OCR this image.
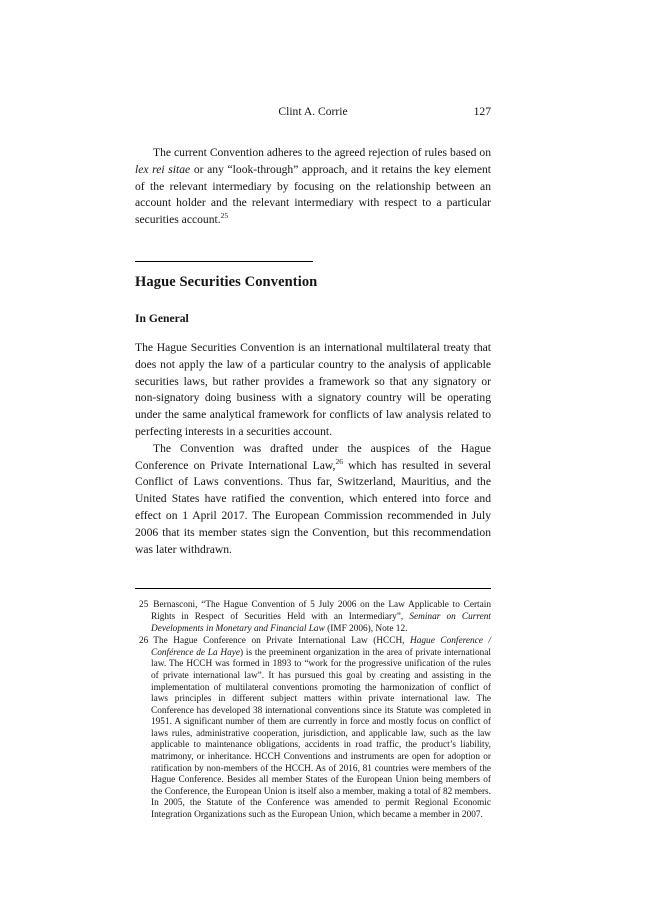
Clint A. Corrie	127

The current Convention adheres to the agreed rejection of rules based on lex rei sitae or any “look-through” approach, and it retains the key element of the relevant intermediary by focusing on the relationship between an account holder and the relevant intermediary with respect to a particular securities account.$^{25}$

Hague Securities Convention
In General

The Hague Securities Convention is an international multilateral treaty that does not apply the law of a particular country to the analysis of applicable securities laws, but rather provides a framework so that any signatory or non-signatory doing business with a signatory country will be operating under the same analytical framework for conflicts of law analysis related to perfecting interests in a securities account.

The Convention was drafted under the auspices of the Hague Conference on Private International Law,$^{26}$ which has resulted in several Conflict of Laws conventions. Thus far, Switzerland, Mauritius, and the United States have ratified the convention, which entered into force and effect on 1 April 2017. The European Commission recommended in July 2006 that its member states sign the Convention, but this recommendation was later withdrawn.

25 Bernasconi, “The Hague Convention of 5 July 2006 on the Law Applicable to Certain Rights in Respect of Securities Held with an Intermediary”, Seminar on Current Developments in Monetary and Financial Law (IMF 2006), Note 12.

26 The Hague Conference on Private International Law (HCCH, Hague Conference / Conférence de La Haye) is the preeminent organization in the area of private international law. The HCCH was formed in 1893 to “work for the progressive unification of the rules of private international law”. It has pursued this goal by creating and assisting in the implementation of multilateral conventions promoting the harmonization of conflict of laws principles in different subject matters within private international law. The Conference has developed 38 international conventions since its Statute was completed in 1951. A significant number of them are currently in force and mostly focus on conflict of laws rules, administrative cooperation, jurisdiction, and applicable law, such as the law applicable to maintenance obligations, accidents in road traffic, the product’s liability, matrimony, or inheritance. HCCH Conventions and instruments are open for adoption or ratification by non-members of the HCCH. As of 2016, 81 countries were members of the Hague Conference. Besides all member States of the European Union being members of the Conference, the European Union is itself also a member, making a total of 82 members. In 2005, the Statute of the Conference was amended to permit Regional Economic Integration Organizations such as the European Union, which became a member in 2007.
